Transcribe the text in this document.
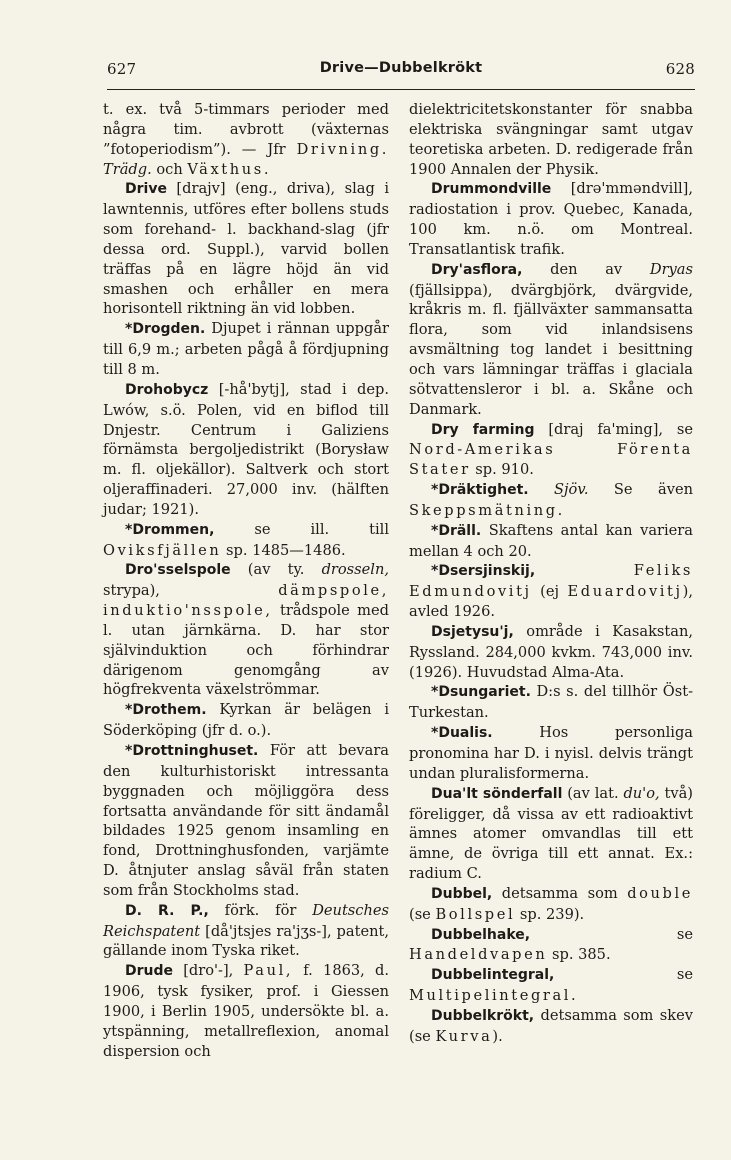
627	Drive—Dubbelkrökt	628

t. ex. två 5-timmars perioder med några tim. avbrott (växternas ”fotoperiodism”). — Jfr Drivning. Trädg. och Växthus.

Drive [drajv] (eng., driva), slag i lawntennis, utföres efter bollens studs som forehand- l. backhand-slag (jfr dessa ord. Suppl.), varvid bollen träffas på en lägre höjd än vid smashen och erhåller en mera horisontell riktning än vid lobben.

*Drogden. Djupet i rännan uppgår till 6,9 m.; arbeten pågå å fördjupning till 8 m.

Drohobycz [-hå'bytj], stad i dep. Lwów, s.ö. Polen, vid en biflod till Dnjestr. Centrum i Galiziens förnämsta bergoljedistrikt (Borysław m. fl. oljekällor). Saltverk och stort oljeraffinaderi. 27,000 inv. (hälften judar; 1921).

*Drommen, se ill. till Oviksfjällen sp. 1485—1486.

Dro'sselspole (av ty. drosseln, strypa), dämpspole, induktio'nsspole, trådspole med l. utan järnkärna. D. har stor självinduktion och förhindrar därigenom genomgång av högfrekventa växelströmmar.

*Drothem. Kyrkan är belägen i Söderköping (jfr d. o.).

*Drottninghuset. För att bevara den kulturhistoriskt intressanta byggnaden och möjliggöra dess fortsatta användande för sitt ändamål bildades 1925 genom insamling en fond, Drottninghusfonden, varjämte D. åtnjuter anslag såväl från staten som från Stockholms stad.

D. R. P., förk. för Deutsches Reichspatent [då'jtsjes ra'jʒs-], patent, gällande inom Tyska riket.

Drude [dro'-], Paul, f. 1863, d. 1906, tysk fysiker, prof. i Giessen 1900, i Berlin 1905, undersökte bl. a. ytspänning, metallreflexion, anomal dispersion och

dielektricitetskonstanter för snabba elektriska svängningar samt utgav teoretiska arbeten. D. redigerade från 1900 Annalen der Physik.

Drummondville [drə'mməndvill], radiostation i prov. Quebec, Kanada, 100 km. n.ö. om Montreal. Transatlantisk trafik.

Dry'asflora, den av Dryas (fjällsippa), dvärgbjörk, dvärgvide, kråkris m. fl. fjällväxter sammansatta flora, som vid inlandsisens avsmältning tog landet i besittning och vars lämningar träffas i glaciala sötvattensleror i bl. a. Skåne och Danmark.

Dry farming [draj fa'ming], se Nord-Amerikas Förenta Stater sp. 910.

*Dräktighet. Sjöv. Se även Skeppsmätning.

*Dräll. Skaftens antal kan variera mellan 4 och 20.

*Dsersjinskij,	Feliks Edmundovitj (ej Eduardovitj), avled 1926.

Dsjetysu'j, område i Kasakstan, Ryssland. 284,000 kvkm. 743,000 inv. (1926). Huvudstad Alma-Ata.

*Dsungariet. D:s s. del tillhör Öst-Turkestan.

*Dualis. Hos personliga pronomina har D. i nyisl. delvis trängt undan pluralisformerna.

Dua'lt sönderfall (av lat. du'o, två) föreligger, då vissa av ett radioaktivt ämnes atomer omvandlas till ett ämne, de övriga till ett annat. Ex.: radium C.

Dubbel, detsamma som double (se Bollspel sp. 239).

Dubbelhake, se Handeldvapen sp. 385.

Dubbelintegral, se Multipelintegral.

Dubbelkrökt, detsamma som skev (se Kurva).
